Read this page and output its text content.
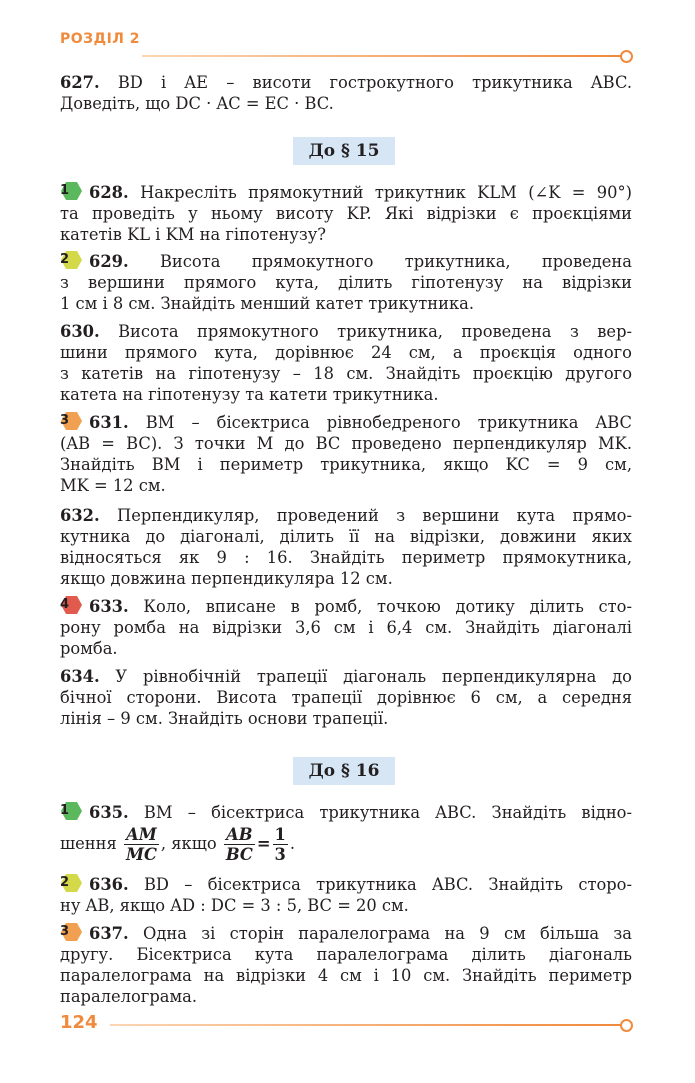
РОЗДІЛ 2
627. BD і AE – висоти гострокутного трикутника ABC.
Доведіть, що DC · AC = EC · BC.
До § 15
1	628. Накресліть прямокутний трикутник KLM (∠K = 90°)
та проведіть у ньому висоту KP. Які відрізки є проєкціями
катетів KL і KM на гіпотенузу?
2	629. Висота прямокутного трикутника, проведена
з вершини прямого кута, ділить гіпотенузу на відрізки
1 см і 8 см. Знайдіть менший катет трикутника.
630. Висота прямокутного трикутника, проведена з вер-
шини прямого кута, дорівнює 24 см, а проєкція одного
з катетів на гіпотенузу – 18 см. Знайдіть проєкцію другого
катета на гіпотенузу та катети трикутника.
3	631. BM – бісектриса рівнобедреного трикутника ABC
(AB = BC). З точки M до BC проведено перпендикуляр MK.
Знайдіть BM і периметр трикутника, якщо KC = 9 см,
MK = 12 см.
632. Перпендикуляр, проведений з вершини кута прямо-
кутника до діагоналі, ділить її на відрізки, довжини яких
відносяться як 9 : 16. Знайдіть периметр прямокутника,
якщо довжина перпендикуляра 12 см.
4	633. Коло, вписане в ромб, точкою дотику ділить сто-
рону ромба на відрізки 3,6 см і 6,4 см. Знайдіть діагоналі
ромба.
634. У рівнобічній трапеції діагональ перпендикулярна до
бічної сторони. Висота трапеції дорівнює 6 см, а середня
лінія – 9 см. Знайдіть основи трапеції.
До § 16
1	635. BM – бісектриса трикутника ABC. Знайдіть відно-
шення $\frac{AM}{MC}$ , якщо $\frac{AB}{BC} = \frac{1}{3}$ .
2	636. BD – бісектриса трикутника ABC. Знайдіть сторо-
ну AB, якщо AD : DC = 3 : 5, BC = 20 см.
3	637. Одна зі сторін паралелограма на 9 см більша за
другу. Бісектриса кута паралелограма ділить діагональ
паралелограма на відрізки 4 см і 10 см. Знайдіть периметр
паралелограма.
124
